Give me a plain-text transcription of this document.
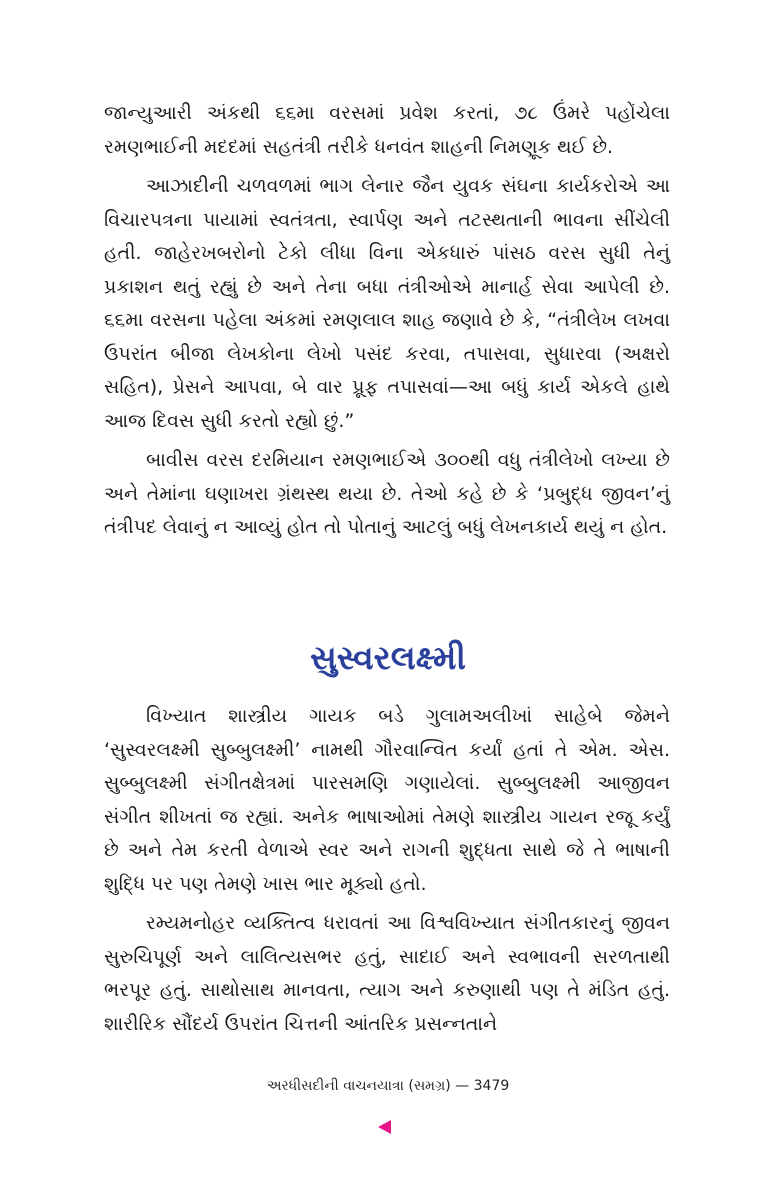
જાન્યુઆરી અંકથી ૬૬મા વરસમાં પ્રવેશ કરતાં, ૭૮ ઉંમરે પહોંચેલા રમણભાઈની મદદમાં સહતંત્રી તરીકે ધનવંત શાહની નિમણૂક થઈ છે.

આઝાદીની ચળવળમાં ભાગ લેનાર જૈન યુવક સંઘના કાર્યકરોએ આ વિચારપત્રના પાયામાં સ્વતંત્રતા, સ્વાર્પણ અને તટસ્થતાની ભાવના સીંચેલી હતી. જાહેરખબરોનો ટેકો લીધા વિના એકધારું પાંસઠ વરસ સુધી તેનું પ્રકાશન થતું રહ્યું છે અને તેના બધા તંત્રીઓએ માનાર્હ સેવા આપેલી છે. ૬૬મા વરસના પહેલા અંકમાં રમણલાલ શાહ જણાવે છે કે, “તંત્રીલેખ લખવા ઉપરાંત બીજા લેખકોના લેખો પસંદ કરવા, તપાસવા, સુધારવા (અક્ષરો સહિત), પ્રેસને આપવા, બે વાર પ્રૂફ તપાસવાં—આ બધું કાર્ય એકલે હાથે આજ દિવસ સુધી કરતો રહ્યો છું.”

બાવીસ વરસ દરમિયાન રમણભાઈએ ૩૦૦થી વધુ તંત્રીલેખો લખ્યા છે અને તેમાંના ઘણાખરા ગ્રંથસ્થ થયા છે. તેઓ કહે છે કે ‘પ્રબુદ્ધ જીવન’નું તંત્રીપદ લેવાનું ન આવ્યું હોત તો પોતાનું આટલું બધું લેખનકાર્ય થયું ન હોત.

સુસ્વરલક્ષ્મી

વિખ્યાત શાસ્ત્રીય ગાયક બડે ગુલામઅલીખાં સાહેબે જેમને ‘સુસ્વરલક્ષ્મી સુબ્બુલક્ષ્મી’ નામથી ગૌરવાન્વિત કર્યાં હતાં તે એમ. એસ. સુબ્બુલક્ષ્મી સંગીતક્ષેત્રમાં પારસમણિ ગણાયેલાં. સુબ્બુલક્ષ્મી આજીવન સંગીત શીખતાં જ રહ્યાં. અનેક ભાષાઓમાં તેમણે શાસ્ત્રીય ગાયન રજૂ કર્યું છે અને તેમ કરતી વેળાએ સ્વર અને રાગની શુદ્ધતા સાથે જે તે ભાષાની શુદ્ધિ પર પણ તેમણે ખાસ ભાર મૂક્યો હતો.

રમ્યમનોહર વ્યક્તિત્વ ધરાવતાં આ વિશ્વવિખ્યાત સંગીતકારનું જીવન સુરુચિપૂર્ણ અને લાલિત્યસભર હતું, સાદાઈ અને સ્વભાવની સરળતાથી ભરપૂર હતું. સાથોસાથ માનવતા, ત્યાગ અને કરુણાથી પણ તે મંડિત હતું. શારીરિક સૌંદર્ય ઉપરાંત ચિત્તની આંતરિક પ્રસન્નતાને

અરધીસદીની વાચનયાત્રા (સમગ્ર) — 3479
